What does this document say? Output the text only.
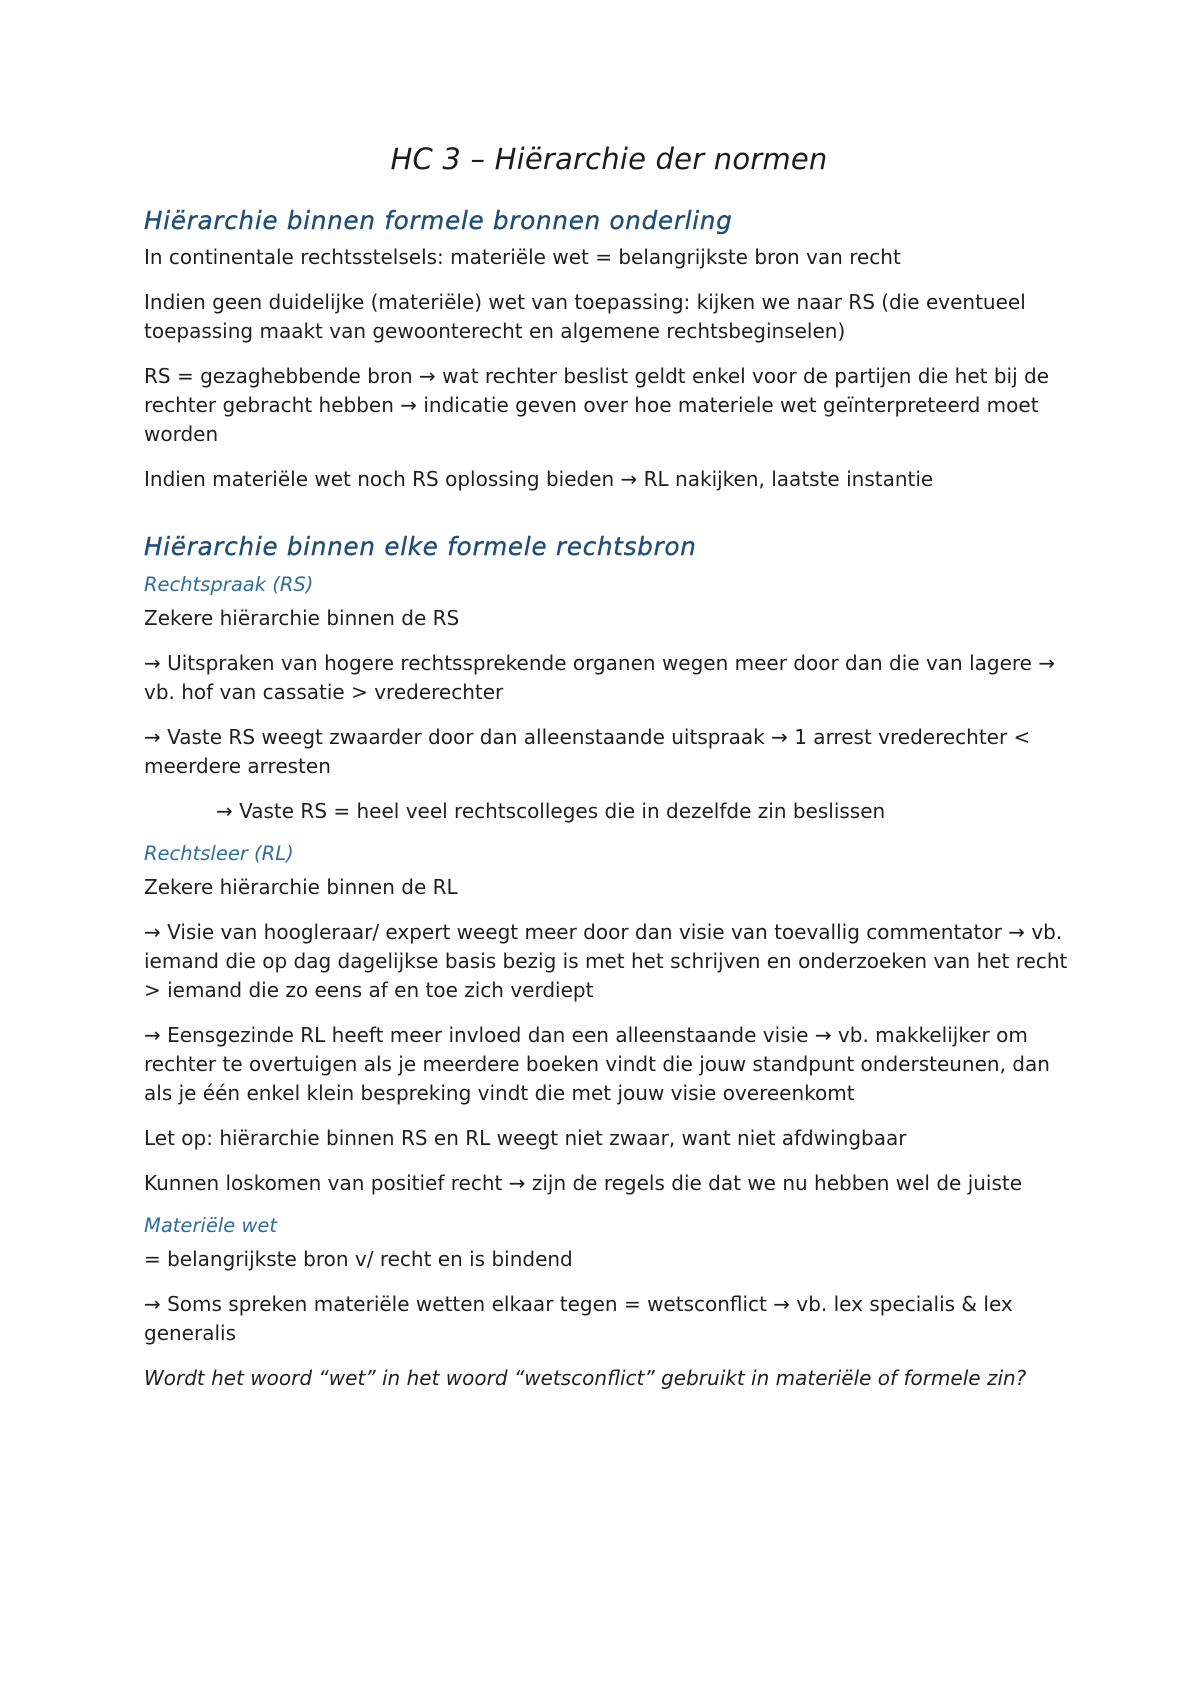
HC 3 – Hiërarchie der normen
Hiërarchie binnen formele bronnen onderling

In continentale rechtsstelsels: materiële wet = belangrijkste bron van recht

Indien geen duidelijke (materiële) wet van toepassing: kijken we naar RS (die eventueel toepassing maakt van gewoonterecht en algemene rechtsbeginselen)

RS = gezaghebbende bron → wat rechter beslist geldt enkel voor de partijen die het bij de rechter gebracht hebben → indicatie geven over hoe materiele wet geïnterpreteerd moet worden

Indien materiële wet noch RS oplossing bieden → RL nakijken, laatste instantie

Hiërarchie binnen elke formele rechtsbron
Rechtspraak (RS)

Zekere hiërarchie binnen de RS

→ Uitspraken van hogere rechtssprekende organen wegen meer door dan die van lagere → vb. hof van cassatie > vrederechter

→ Vaste RS weegt zwaarder door dan alleenstaande uitspraak → 1 arrest vrederechter < meerdere arresten

→ Vaste RS = heel veel rechtscolleges die in dezelfde zin beslissen

Rechtsleer (RL)

Zekere hiërarchie binnen de RL

→ Visie van hoogleraar/ expert weegt meer door dan visie van toevallig commentator → vb. iemand die op dag dagelijkse basis bezig is met het schrijven en onderzoeken van het recht > iemand die zo eens af en toe zich verdiept

→ Eensgezinde RL heeft meer invloed dan een alleenstaande visie → vb. makkelijker om rechter te overtuigen als je meerdere boeken vindt die jouw standpunt ondersteunen, dan als je één enkel klein bespreking vindt die met jouw visie overeenkomt

Let op: hiërarchie binnen RS en RL weegt niet zwaar, want niet afdwingbaar

Kunnen loskomen van positief recht → zijn de regels die dat we nu hebben wel de juiste

Materiële wet

= belangrijkste bron v/ recht en is bindend

→ Soms spreken materiële wetten elkaar tegen = wetsconflict → vb. lex specialis & lex generalis

Wordt het woord “wet” in het woord “wetsconflict” gebruikt in materiële of formele zin?
